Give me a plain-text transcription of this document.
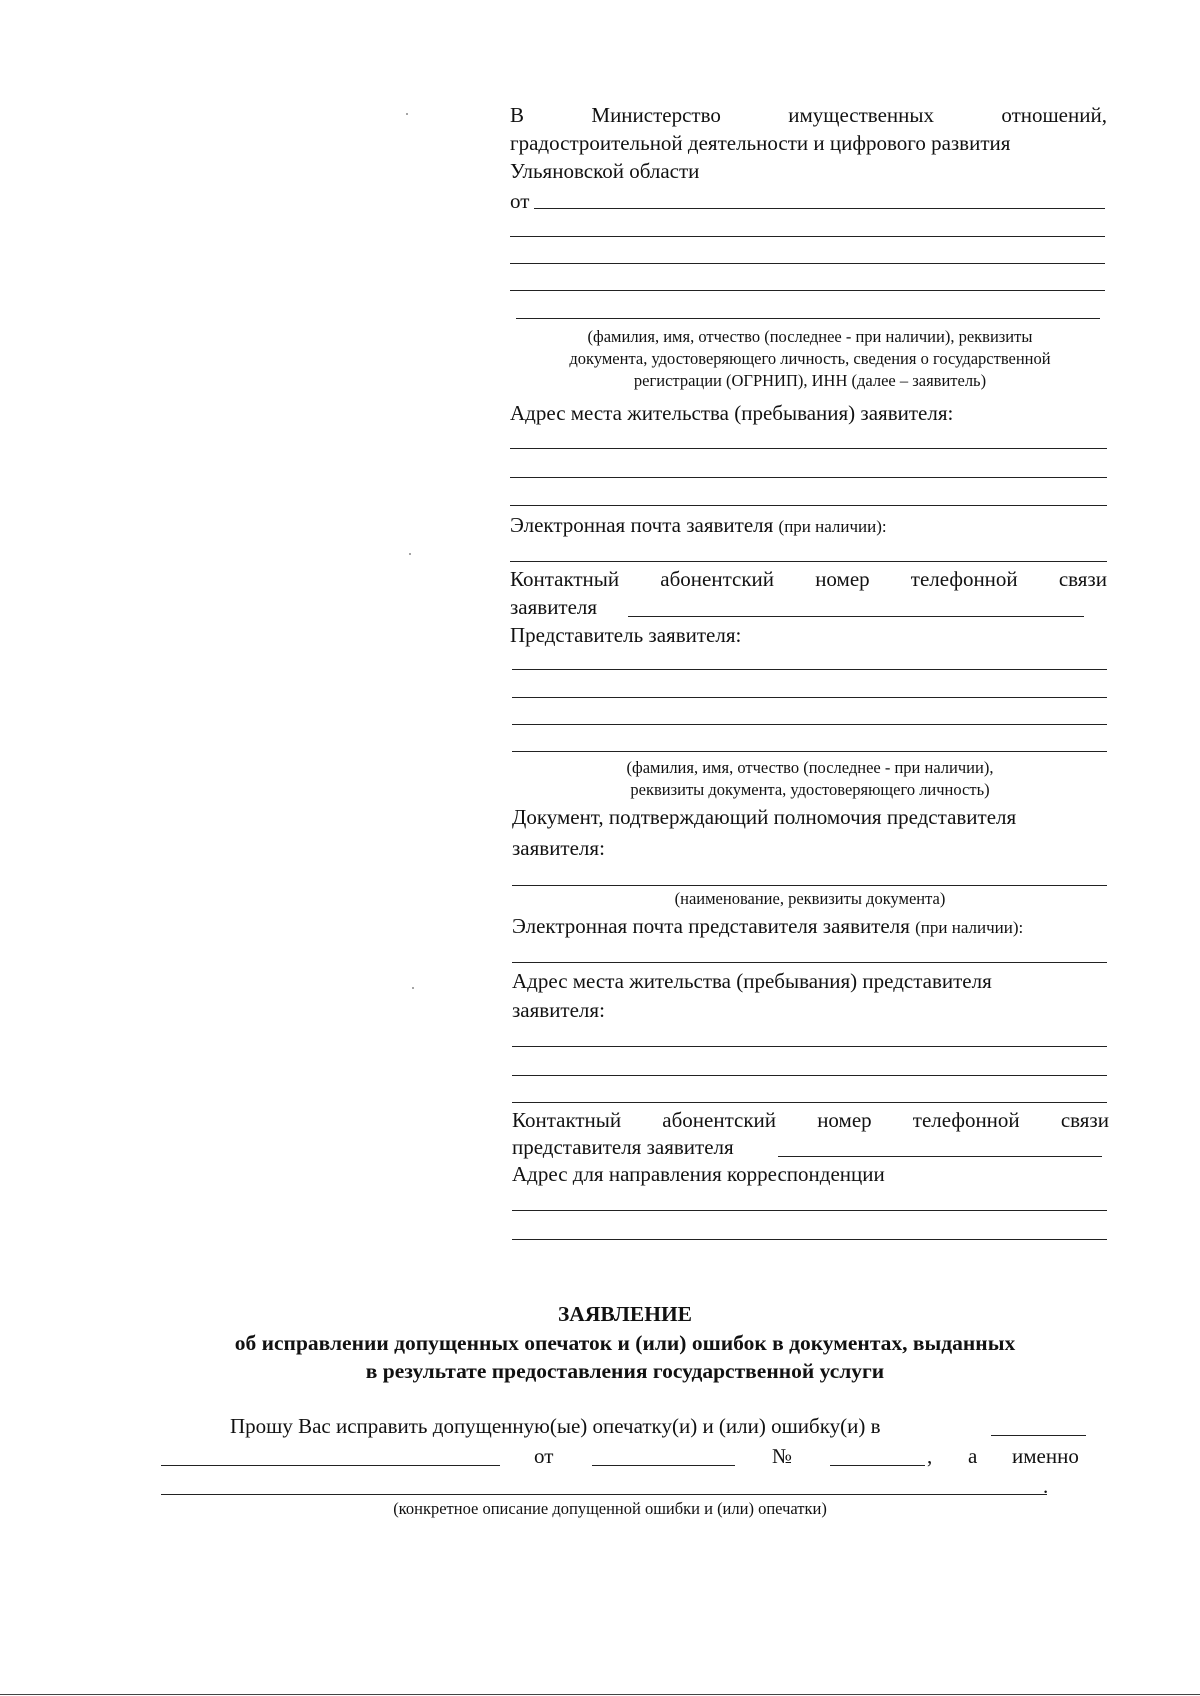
В	Министерство	имущественных	отношений,
градостроительной деятельности и цифрового развития
Ульяновской области
от
(фамилия, имя, отчество (последнее - при наличии), реквизиты
документа, удостоверяющего личность, сведения о государственной
регистрации (ОГРНИП), ИНН (далее – заявитель)
Адрес места жительства (пребывания) заявителя:
Электронная почта заявителя (при наличии):
Контактный абонентский номер телефонной связи
заявителя
Представитель заявителя:
(фамилия, имя, отчество (последнее - при наличии),
реквизиты документа, удостоверяющего личность)
Документ, подтверждающий полномочия представителя
заявителя:
(наименование, реквизиты документа)
Электронная почта представителя заявителя (при наличии):
Адрес места жительства (пребывания) представителя
заявителя:
Контактный абонентский номер телефонной связи
представителя заявителя
Адрес для направления корреспонденции
ЗАЯВЛЕНИЕ
об исправлении допущенных опечаток и (или) ошибок в документах, выданных
в результате предоставления государственной услуги
Прошу Вас исправить допущенную(ые) опечатку(и) и (или) ошибку(и) в
от	№	, а именно
.
(конкретное описание допущенной ошибки и (или) опечатки)
